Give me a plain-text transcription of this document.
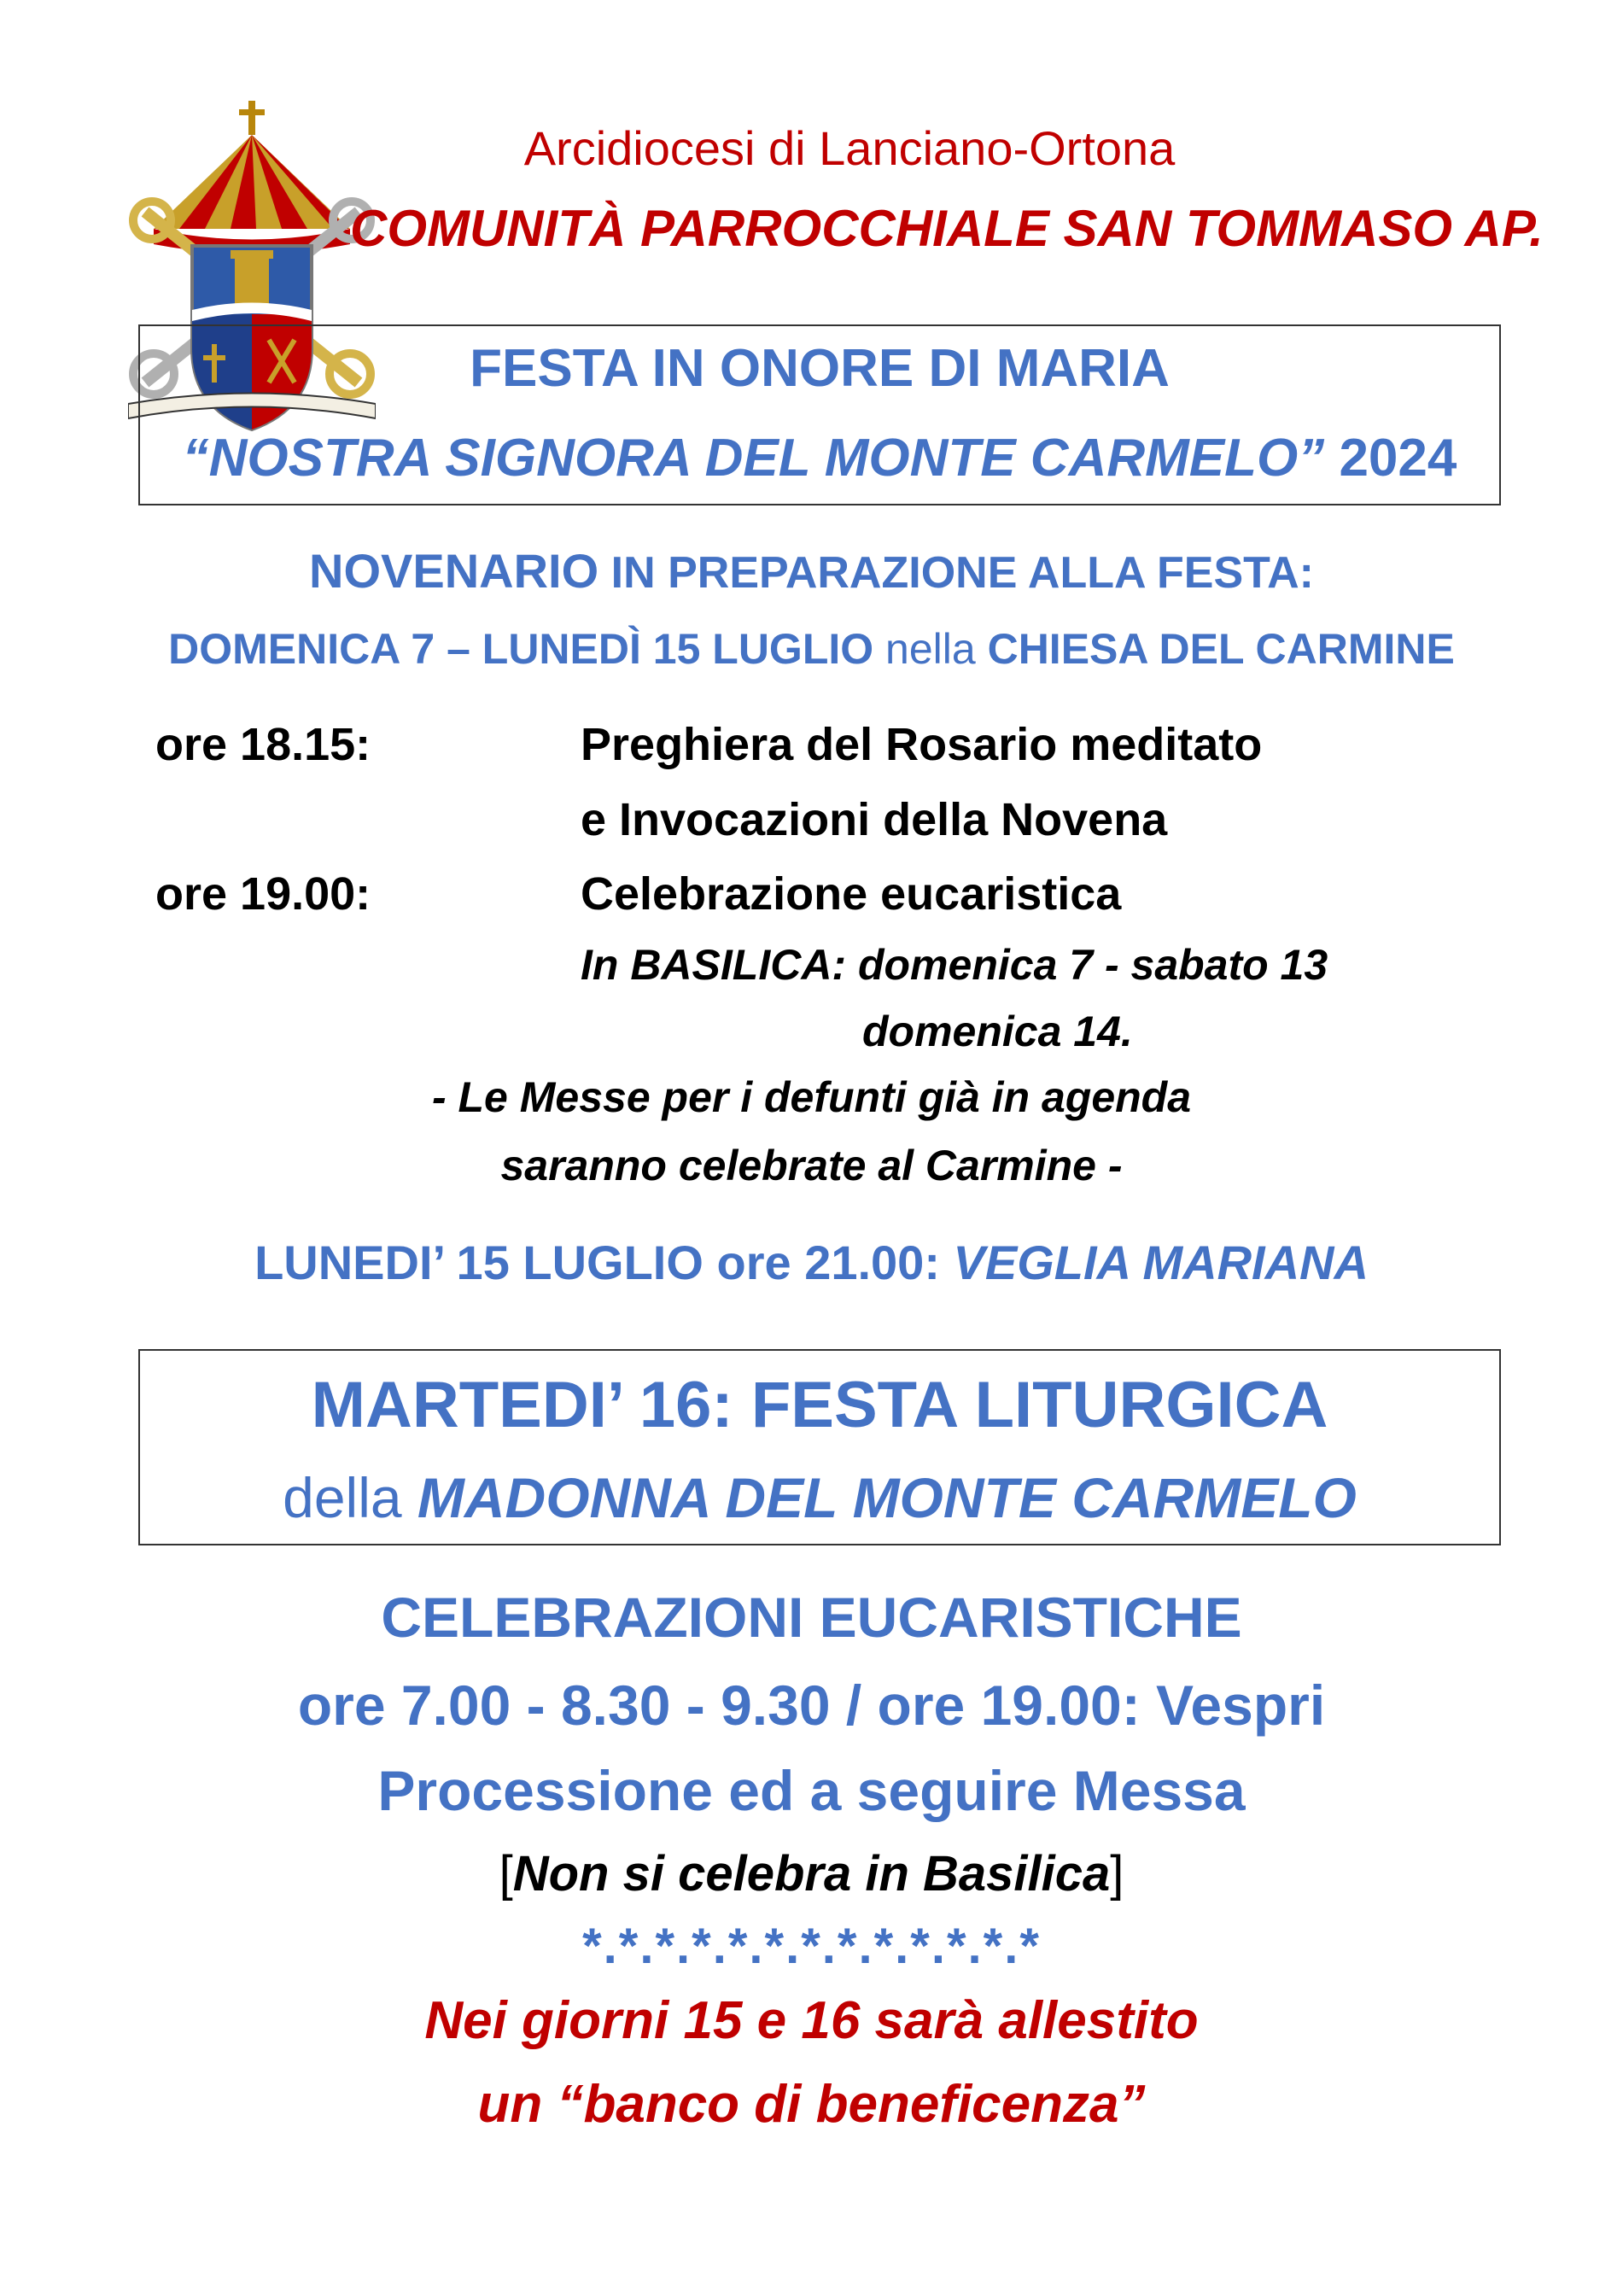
Arcidiocesi di Lanciano-Ortona
COMUNITÀ PARROCCHIALE SAN TOMMASO AP.
FESTA IN ONORE DI MARIA
“NOSTRA SIGNORA DEL MONTE CARMELO” 2024
NOVENARIO IN PREPARAZIONE ALLA FESTA:
DOMENICA 7 – LUNEDÌ 15 LUGLIO nella CHIESA DEL CARMINE
ore 18.15:	Preghiera del Rosario meditato
e Invocazioni della Novena
ore 19.00:	Celebrazione eucaristica
In BASILICA: domenica 7 - sabato 13
domenica 14.
- Le Messe per i defunti già in agenda
saranno celebrate al Carmine -
LUNEDI’ 15 LUGLIO ore 21.00: VEGLIA MARIANA
MARTEDI’ 16: FESTA LITURGICA
della MADONNA DEL MONTE CARMELO
CELEBRAZIONI EUCARISTICHE
ore 7.00 - 8.30 - 9.30 / ore 19.00: Vespri
Processione ed a seguire Messa
[Non si celebra in Basilica]
*.*.*.*.*.*.*.*.*.*.*.*.*
Nei giorni 15 e 16 sarà allestito
un “banco di beneficenza”
